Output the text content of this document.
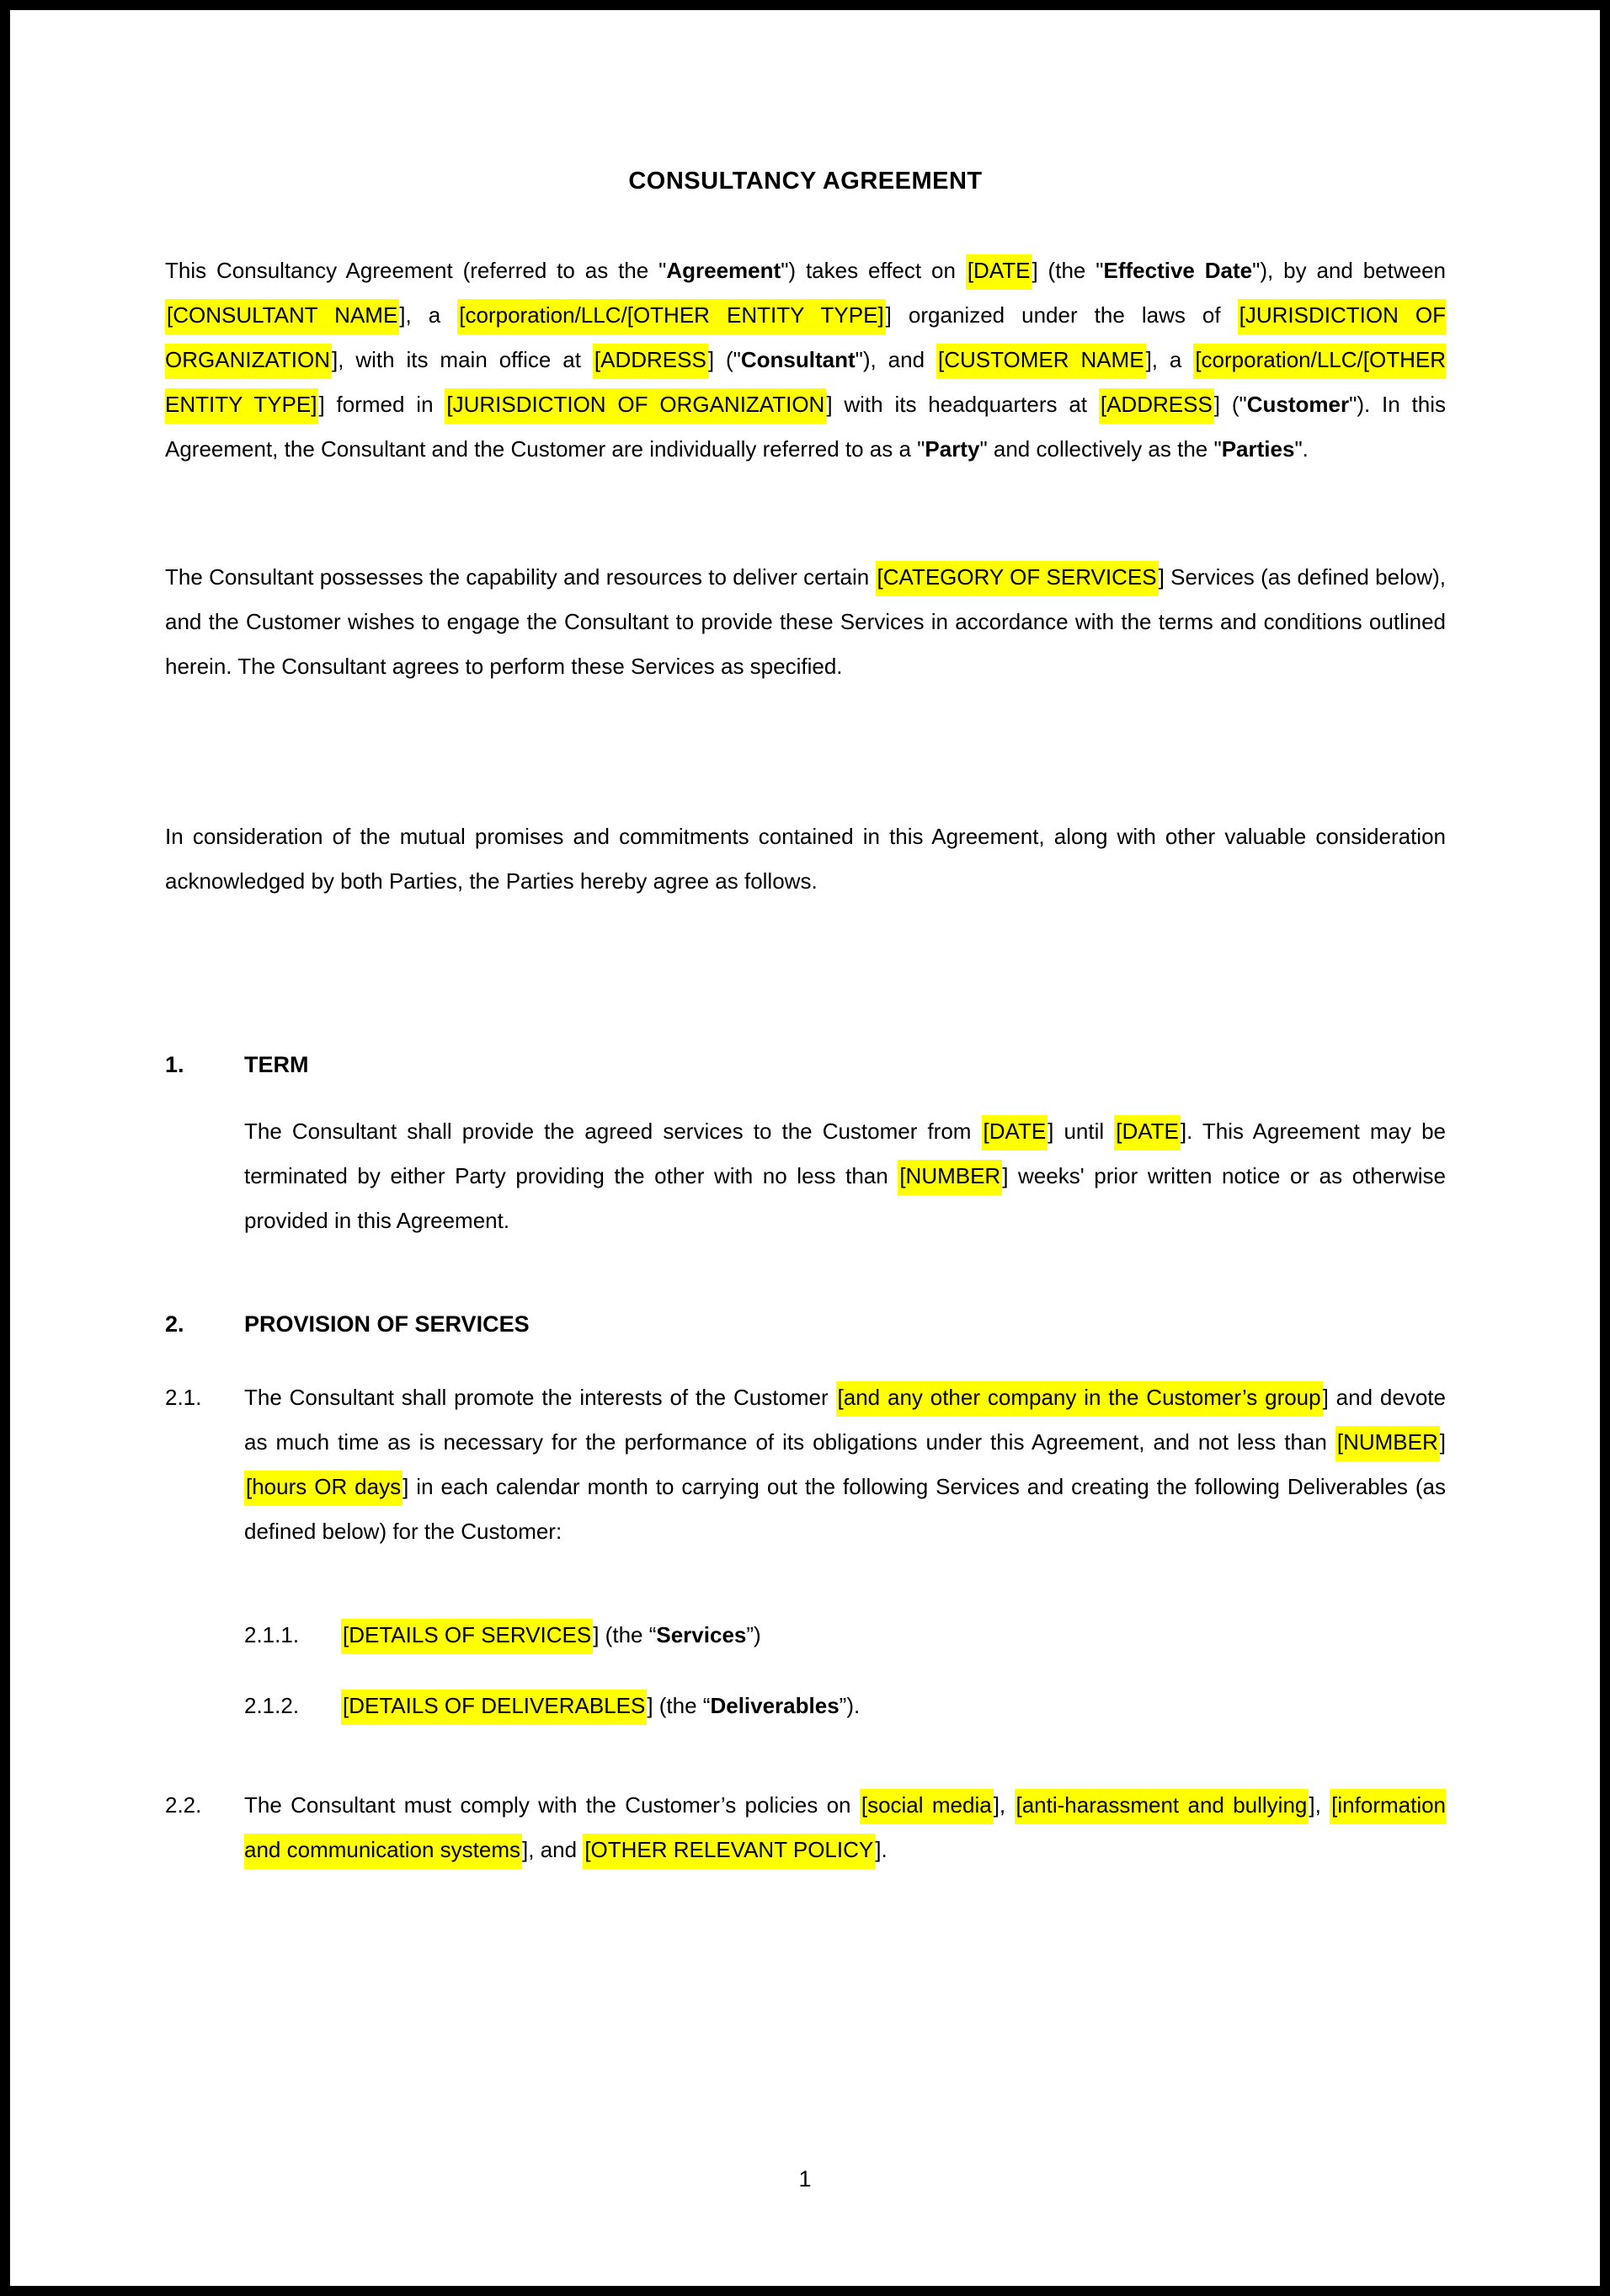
CONSULTANCY AGREEMENT

This Consultancy Agreement (referred to as the "Agreement") takes effect on [DATE] (the "Effective Date"), by and between [CONSULTANT NAME], a [corporation/LLC/[OTHER ENTITY TYPE]] organized under the laws of [JURISDICTION OF ORGANIZATION], with its main office at [ADDRESS] ("Consultant"), and [CUSTOMER NAME], a [corporation/LLC/[OTHER ENTITY TYPE]] formed in [JURISDICTION OF ORGANIZATION] with its headquarters at [ADDRESS] ("Customer"). In this Agreement, the Consultant and the Customer are individually referred to as a "Party" and collectively as the "Parties".

The Consultant possesses the capability and resources to deliver certain [CATEGORY OF SERVICES] Services (as defined below), and the Customer wishes to engage the Consultant to provide these Services in accordance with the terms and conditions outlined herein. The Consultant agrees to perform these Services as specified.

In consideration of the mutual promises and commitments contained in this Agreement, along with other valuable consideration acknowledged by both Parties, the Parties hereby agree as follows.

1.	TERM

The Consultant shall provide the agreed services to the Customer from [DATE] until [DATE]. This Agreement may be terminated by either Party providing the other with no less than [NUMBER] weeks' prior written notice or as otherwise provided in this Agreement.

2.	PROVISION OF SERVICES
2.1.	The Consultant shall promote the interests of the Customer [and any other company in the Customer’s group] and devote as much time as is necessary for the performance of its obligations under this Agreement, and not less than [NUMBER] [hours OR days] in each calendar month to carrying out the following Services and creating the following Deliverables (as defined below) for the Customer:
2.1.1.	[DETAILS OF SERVICES] (the “Services”)
2.1.2.	[DETAILS OF DELIVERABLES] (the “Deliverables”).
2.2.	The Consultant must comply with the Customer’s policies on [social media], [anti-harassment and bullying], [information and communication systems], and [OTHER RELEVANT POLICY].
1
